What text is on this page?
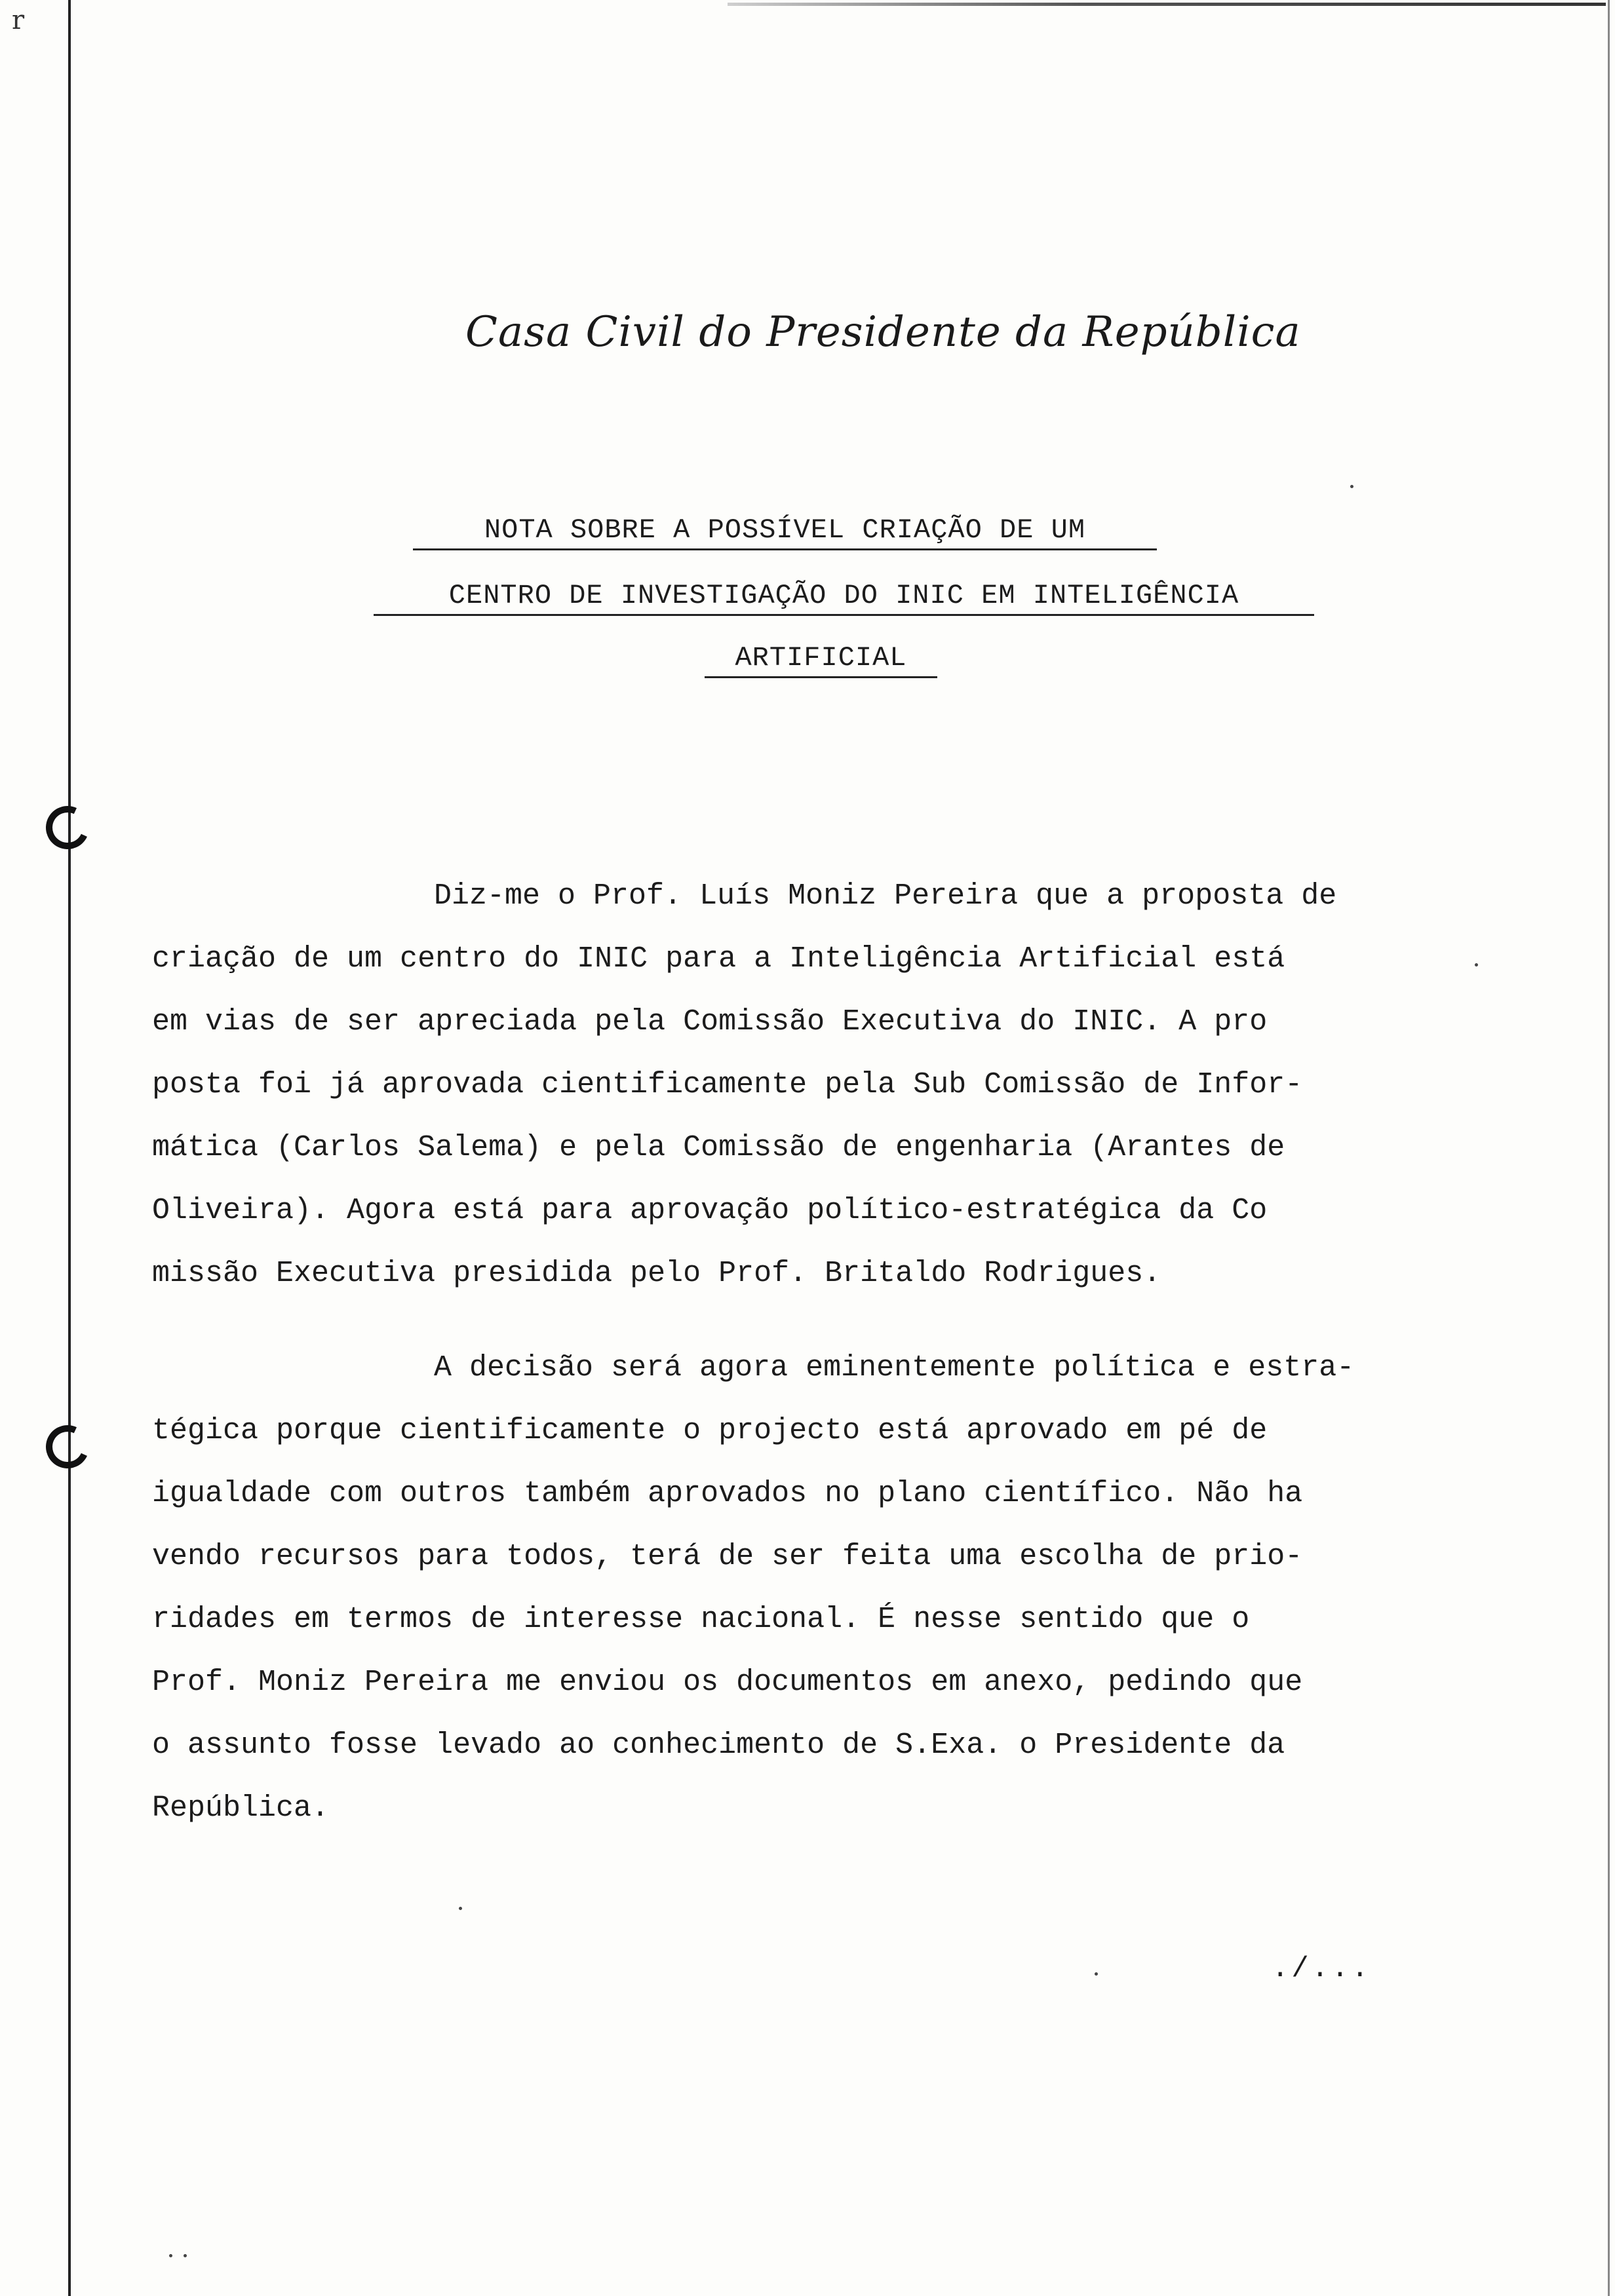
r
Casa Civil do Presidente da República
NOTA SOBRE A POSSÍVEL CRIAÇÃO DE UM
CENTRO DE INVESTIGAÇÃO DO INIC EM INTELIGÊNCIA
ARTIFICIAL
Diz-me o Prof. Luís Moniz Pereira que a proposta de
criação de um centro do INIC para a Inteligência Artificial está
em vias de ser apreciada pela Comissão Executiva do INIC. A pro
posta foi já aprovada cientificamente pela Sub Comissão de Infor-
mática (Carlos Salema) e pela Comissão de engenharia (Arantes de
Oliveira). Agora está para aprovação político-estratégica da Co
missão Executiva presidida pelo Prof. Britaldo Rodrigues.
A decisão será agora eminentemente política e estra-
tégica porque cientificamente o projecto está aprovado em pé de
igualdade com outros também aprovados no plano científico. Não ha
vendo recursos para todos, terá de ser feita uma escolha de prio-
ridades em termos de interesse nacional. É nesse sentido que o
Prof. Moniz Pereira me enviou os documentos em anexo, pedindo que
o assunto fosse levado ao conhecimento de S.Exa. o Presidente da
República.
./...
